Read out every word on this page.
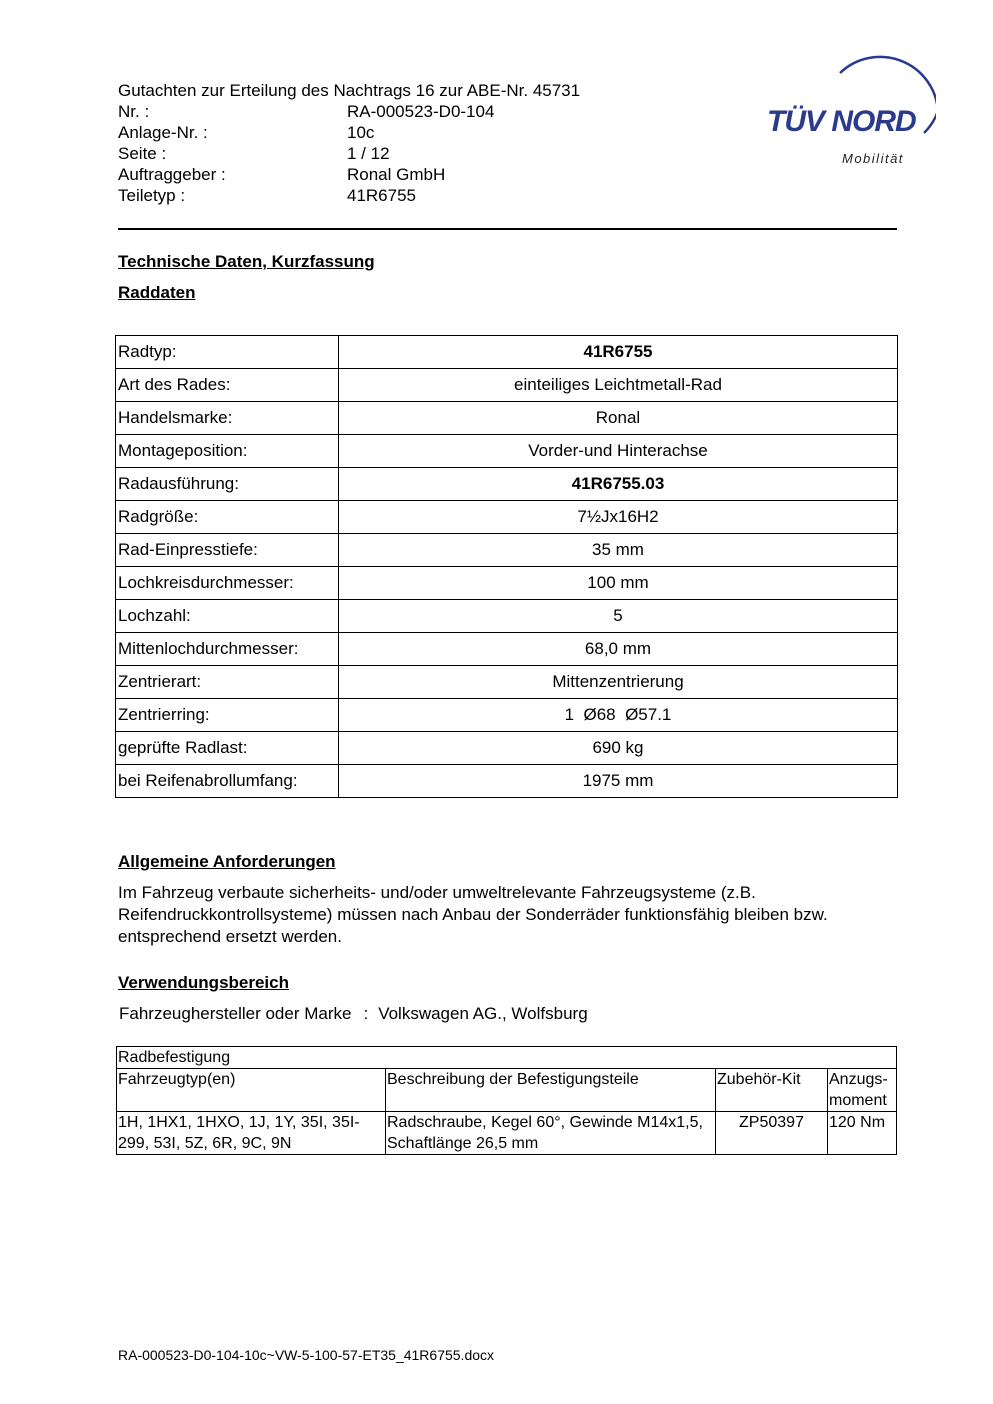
Gutachten zur Erteilung des Nachtrags 16 zur ABE-Nr. 45731
Nr. :	RA-000523-D0-104
Anlage-Nr. :	10c
Seite :	1 / 12
Auftraggeber :	Ronal GmbH
Teiletyp :	41R6755
TÜV NORD
Mobilität
Technische Daten, Kurzfassung
Raddaten
Radtyp:	41R6755
Art des Rades:	einteiliges Leichtmetall-Rad
Handelsmarke:	Ronal
Montageposition:	Vorder-und Hinterachse
Radausführung:	41R6755.03
Radgröße:	7½Jx16H2
Rad-Einpresstiefe:	35 mm
Lochkreisdurchmesser:	100 mm
Lochzahl:	5
Mittenlochdurchmesser:	68,0 mm
Zentrierart:	Mittenzentrierung
Zentrierring:	1  Ø68  Ø57.1
geprüfte Radlast:	690 kg
bei Reifenabrollumfang:	1975 mm
Allgemeine Anforderungen
Im Fahrzeug verbaute sicherheits- und/oder umweltrelevante Fahrzeugsysteme (z.B. Reifendruckkontrollsysteme) müssen nach Anbau der Sonderräder funktionsfähig bleiben bzw. entsprechend ersetzt werden.
Verwendungsbereich
Fahrzeughersteller oder Marke : Volkswagen AG., Wolfsburg
Radbefestigung			
Fahrzeugtyp(en)	Beschreibung der Befestigungsteile	Zubehör-Kit	Anzugs-moment
1H, 1HX1, 1HXO, 1J, 1Y, 35I, 35I-299, 53I, 5Z, 6R, 9C, 9N	Radschraube, Kegel 60°, Gewinde M14x1,5, Schaftlänge 26,5 mm	ZP50397	120 Nm
RA-000523-D0-104-10c~VW-5-100-57-ET35_41R6755.docx
